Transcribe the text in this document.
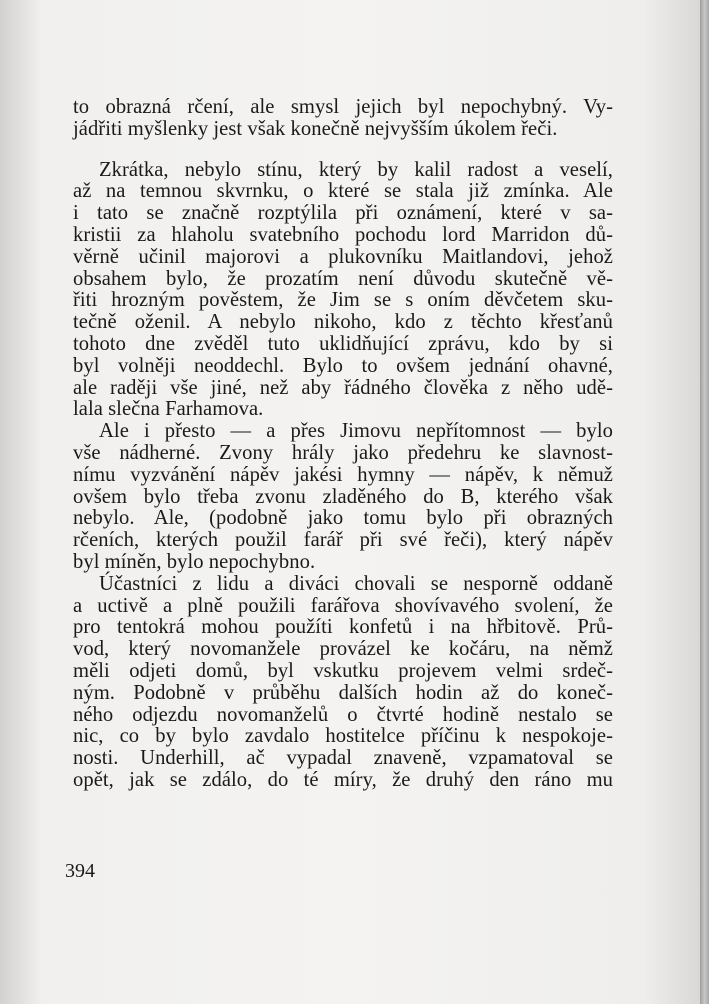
to obrazná rčení, ale smysl jejich byl nepochybný. Vy-
jádřiti myšlenky jest však konečně nejvyšším úkolem řeči.
Zkrátka, nebylo stínu, který by kalil radost a veselí,
až na temnou skvrnku, o které se stala již zmínka. Ale
i tato se značně rozptýlila při oznámení, které v sa-
kristii za hlaholu svatebního pochodu lord Marridon dů-
věrně učinil majorovi a plukovníku Maitlandovi, jehož
obsahem bylo, že prozatím není důvodu skutečně vě-
řiti hrozným pověstem, že Jim se s oním děvčetem sku-
tečně oženil. A nebylo nikoho, kdo z těchto křesťanů
tohoto dne zvěděl tuto uklidňující zprávu, kdo by si
byl volněji neoddechl. Bylo to ovšem jednání ohavné,
ale raději vše jiné, než aby řádného člověka z něho udě-
lala slečna Farhamova.
Ale i přesto — a přes Jimovu nepřítomnost — bylo
vše nádherné. Zvony hrály jako předehru ke slavnost-
nímu vyzvánění nápěv jakési hymny — nápěv, k němuž
ovšem bylo třeba zvonu zladěného do B, kterého však
nebylo. Ale, (podobně jako tomu bylo při obrazných
rčeních, kterých použil farář při své řeči), který nápěv
byl míněn, bylo nepochybno.
Účastníci z lidu a diváci chovali se nesporně oddaně
a uctivě a plně použili farářova shovívavého svolení, že
pro tentokrá mohou použíti konfetů i na hřbitově. Prů-
vod, který novomanžele provázel ke kočáru, na němž
měli odjeti domů, byl vskutku projevem velmi srdeč-
ným. Podobně v průběhu dalších hodin až do koneč-
ného odjezdu novomanželů o čtvrté hodině nestalo se
nic, co by bylo zavdalo hostitelce příčinu k nespokoje-
nosti. Underhill, ač vypadal znaveně, vzpamatoval se
opět, jak se zdálo, do té míry, že druhý den ráno mu
394
